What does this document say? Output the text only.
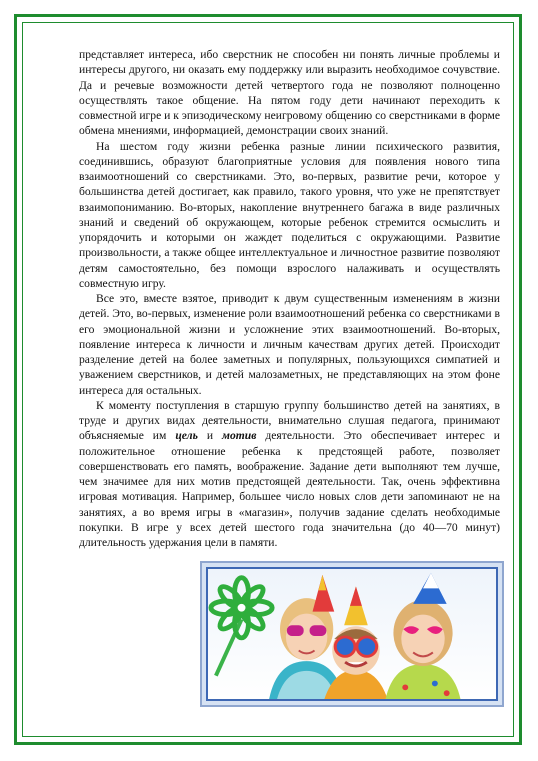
представляет интереса, ибо сверстник не способен ни понять личные проблемы и интересы другого, ни оказать ему поддержку или выразить необходимое сочувствие. Да и речевые возможности детей четвертого года не позволяют полноценно осуществлять такое общение. На пятом году дети начинают переходить к совместной игре и к эпизодическому неигровому общению со сверстниками в форме обмена мнениями, информацией, демонстрации своих знаний.

На шестом году жизни ребенка разные линии психического развития, соединившись, образуют благоприятные условия для появления нового типа взаимоотношений со сверстниками. Это, во-первых, развитие речи, которое у большинства детей достигает, как правило, такого уровня, что уже не препятствует взаимопониманию. Во-вторых, накопление внутреннего багажа в виде различных знаний и сведений об окружающем, которые ребенок стремится осмыслить и упорядочить и которыми он жаждет поделиться с окружающими. Развитие произвольности, а также общее интеллектуальное и личностное развитие позволяют детям самостоятельно, без помощи взрослого налаживать и осуществлять совместную игру.

Все это, вместе взятое, приводит к двум существенным изменениям в жизни детей. Это, во-первых, изменение роли взаимоотношений ребенка со сверстниками в его эмоциональной жизни и усложнение этих взаимоотношений. Во-вторых, появление интереса к личности и личным качествам других детей. Происходит разделение детей на более заметных и популярных, пользующихся симпатией и уважением сверстников, и детей малозаметных, не представляющих на этом фоне интереса для остальных.

К моменту поступления в старшую группу большинство детей на занятиях, в труде и других видах деятельности, внимательно слушая педагога, принимают объясняемые им цель и мотив деятельности. Это обеспечивает интерес и положительное отношение ребенка к предстоящей работе, позволяет совершенствовать его память, воображение. Задание дети выполняют тем лучше, чем значимее для них мотив предстоящей деятельности. Так, очень эффективна игровая мотивация. Например, большее число новых слов дети запоминают не на занятиях, а во время игры в «магазин», получив задание сделать необходимые покупки. В игре у всех детей шестого года значительна (до 40—70 минут) длительность удержания цели в памяти.
